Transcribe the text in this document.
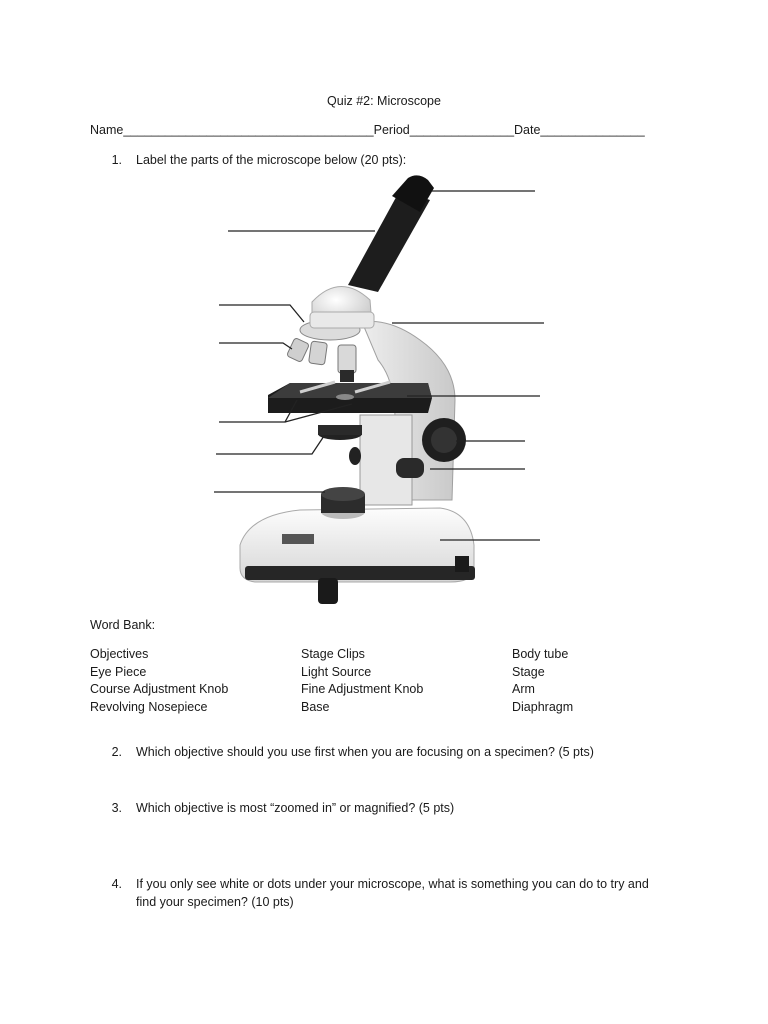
Quiz #2: Microscope
Name____________________________________Period_______________Date_______________
1. Label the parts of the microscope below (20 pts):
Word Bank:
Objectives
Eye Piece
Course Adjustment Knob
Revolving Nosepiece
Stage Clips
Light Source
Fine Adjustment Knob
Base
Body tube
Stage
Arm
Diaphragm
2. Which objective should you use first when you are focusing on a specimen? (5 pts)
3. Which objective is most “zoomed in” or magnified? (5 pts)
4. If you only see white or dots under your microscope, what is something you can do to try and
find your specimen? (10 pts)
